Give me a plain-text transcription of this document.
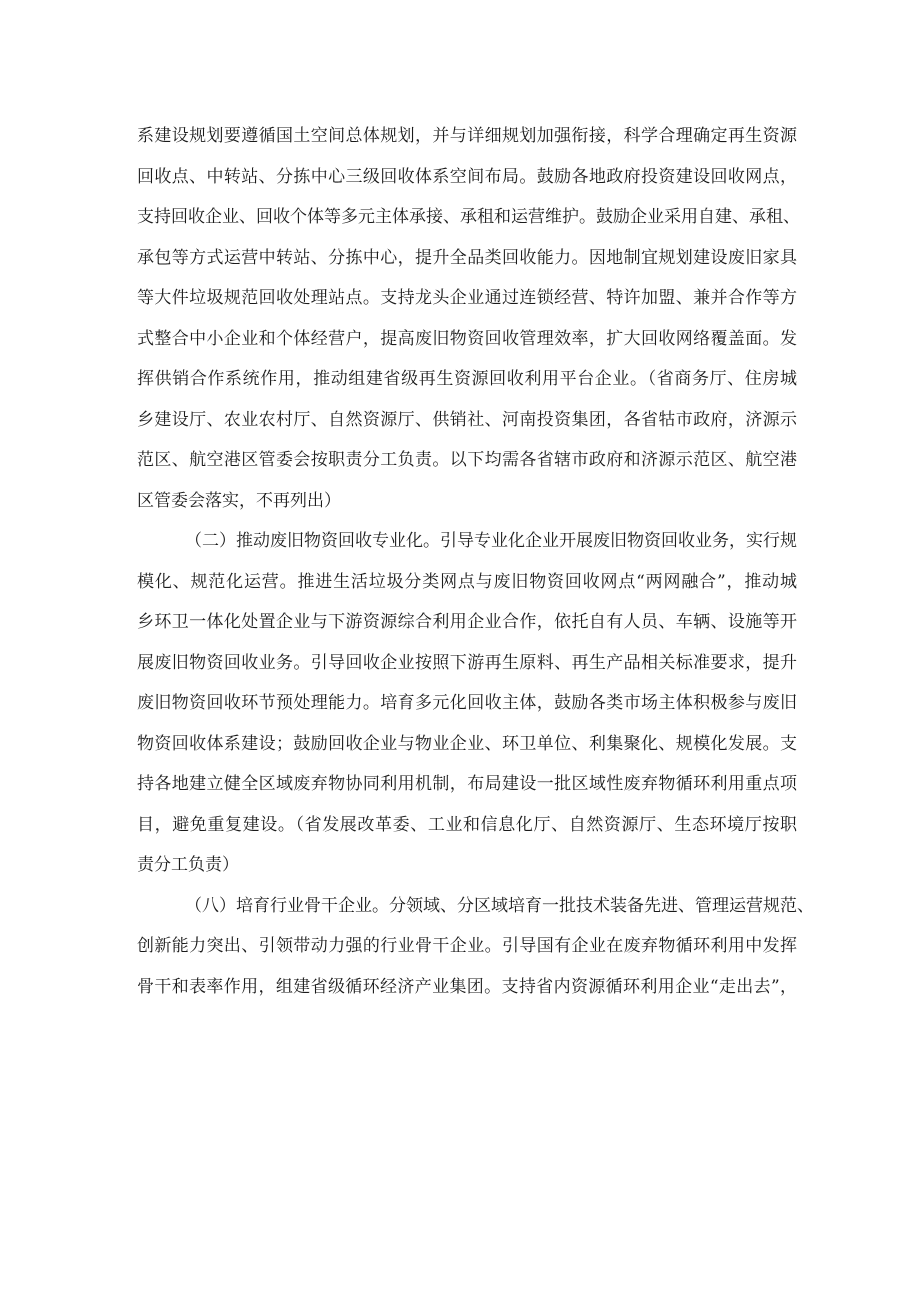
系建设规划要遵循国土空间总体规划，并与详细规划加强衔接，科学合理确定再生资源
回收点、中转站、分拣中心三级回收体系空间布局。鼓励各地政府投资建设回收网点，
支持回收企业、回收个体等多元主体承接、承租和运营维护。鼓励企业采用自建、承租、
承包等方式运营中转站、分拣中心，提升全品类回收能力。因地制宜规划建设废旧家具
等大件垃圾规范回收处理站点。支持龙头企业通过连锁经营、特许加盟、兼并合作等方
式整合中小企业和个体经营户，提高废旧物资回收管理效率，扩大回收网络覆盖面。发
挥供销合作系统作用，推动组建省级再生资源回收利用平台企业。（省商务厅、住房城
乡建设厅、农业农村厅、自然资源厅、供销社、河南投资集团，各省牯市政府，济源示
范区、航空港区管委会按职责分工负责。以下均需各省辖市政府和济源示范区、航空港
区管委会落实，不再列出）
（二）推动废旧物资回收专业化。引导专业化企业开展废旧物资回收业务，实行规
模化、规范化运营。推进生活垃圾分类网点与废旧物资回收网点“两网融合”，推动城
乡环卫一体化处置企业与下游资源综合利用企业合作，依托自有人员、车辆、设施等开
展废旧物资回收业务。引导回收企业按照下游再生原料、再生产品相关标准要求，提升
废旧物资回收环节预处理能力。培育多元化回收主体，鼓励各类市场主体积极参与废旧
物资回收体系建设；鼓励回收企业与物业企业、环卫单位、利集聚化、规模化发展。支
持各地建立健全区域废弃物协同利用机制，布局建设一批区域性废弃物循环利用重点项
目，避免重复建设。（省发展改革委、工业和信息化厅、自然资源厅、生态环境厅按职
责分工负责）
（八）培育行业骨干企业。分领域、分区域培育一批技术装备先进、管理运营规范、
创新能力突出、引领带动力强的行业骨干企业。引导国有企业在废弃物循环利用中发挥
骨干和表率作用，组建省级循环经济产业集团。支持省内资源循环利用企业“走出去”，
